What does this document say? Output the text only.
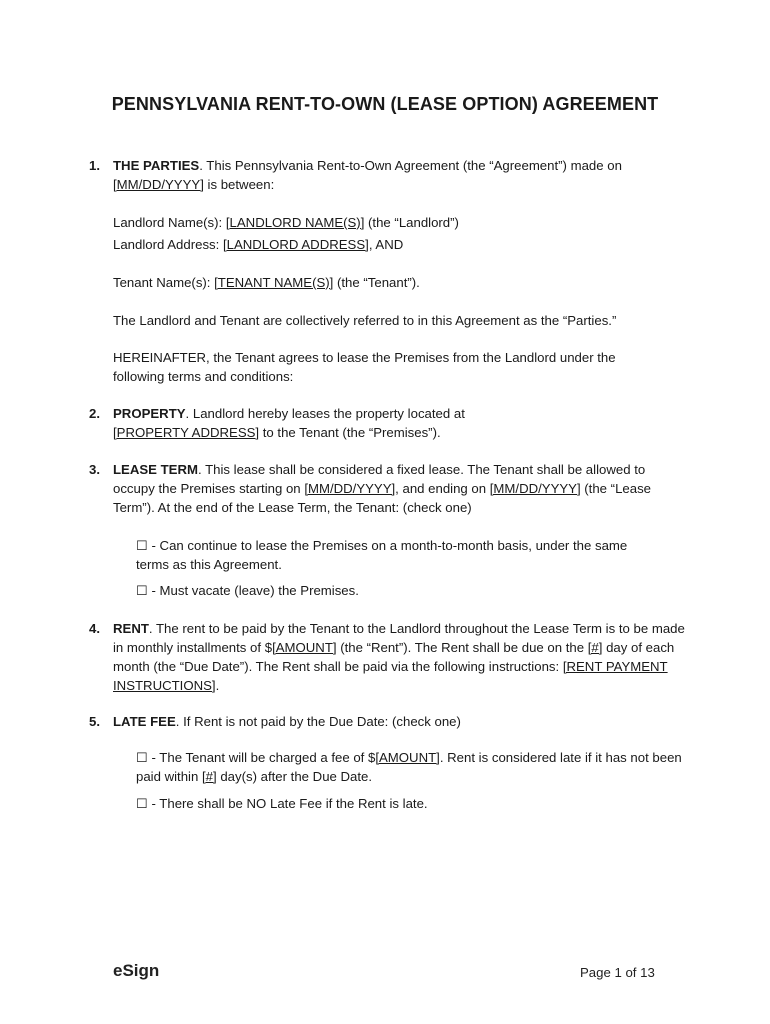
PENNSYLVANIA RENT-TO-OWN (LEASE OPTION) AGREEMENT
1. THE PARTIES. This Pennsylvania Rent-to-Own Agreement (the “Agreement”) made on [MM/DD/YYYY] is between:
Landlord Name(s): [LANDLORD NAME(S)] (the “Landlord”)
Landlord Address: [LANDLORD ADDRESS], AND
Tenant Name(s): [TENANT NAME(S)] (the “Tenant”).
The Landlord and Tenant are collectively referred to in this Agreement as the “Parties.”
HEREINAFTER, the Tenant agrees to lease the Premises from the Landlord under the following terms and conditions:
2. PROPERTY. Landlord hereby leases the property located at
[PROPERTY ADDRESS] to the Tenant (the “Premises”).
3. LEASE TERM. This lease shall be considered a fixed lease. The Tenant shall be allowed to occupy the Premises starting on [MM/DD/YYYY], and ending on [MM/DD/YYYY] (the “Lease Term”). At the end of the Lease Term, the Tenant: (check one)
☐ - Can continue to lease the Premises on a month-to-month basis, under the same terms as this Agreement.
☐ - Must vacate (leave) the Premises.
4. RENT. The rent to be paid by the Tenant to the Landlord throughout the Lease Term is to be made in monthly installments of $[AMOUNT] (the “Rent”). The Rent shall be due on the [#] day of each month (the “Due Date”). The Rent shall be paid via the following instructions: [RENT PAYMENT INSTRUCTIONS].
5. LATE FEE. If Rent is not paid by the Due Date: (check one)
☐ - The Tenant will be charged a fee of $[AMOUNT]. Rent is considered late if it has not been paid within [#] day(s) after the Due Date.
☐ - There shall be NO Late Fee if the Rent is late.
eSign	Page 1 of 13
